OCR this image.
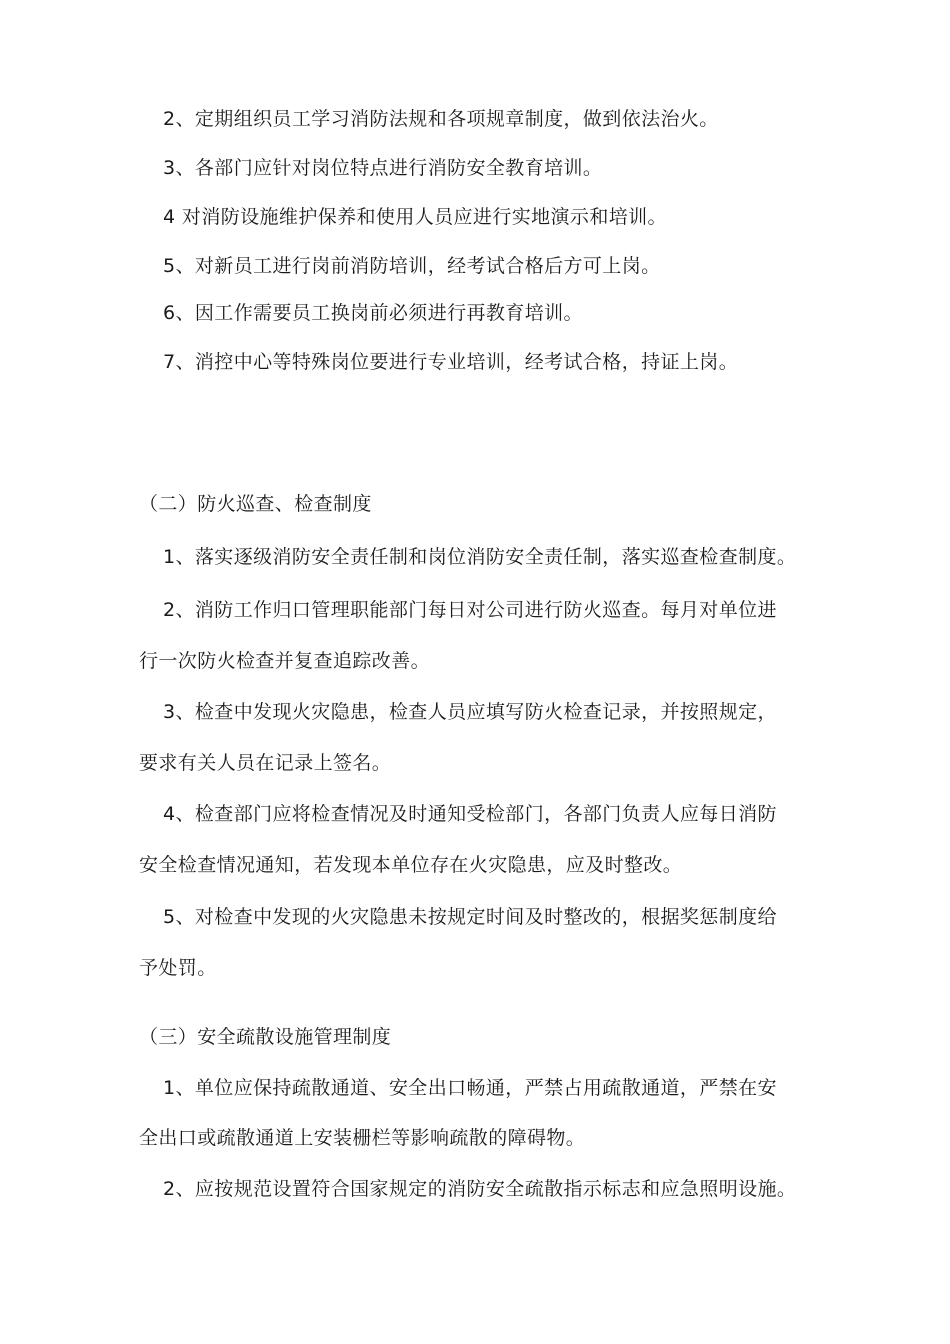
2、定期组织员工学习消防法规和各项规章制度，做到依法治火。
3、各部门应针对岗位特点进行消防安全教育培训。
4 对消防设施维护保养和使用人员应进行实地演示和培训。
5、对新员工进行岗前消防培训，经考试合格后方可上岗。
6、因工作需要员工换岗前必须进行再教育培训。
7、消控中心等特殊岗位要进行专业培训，经考试合格，持证上岗。
（二）防火巡查、检查制度
1、落实逐级消防安全责任制和岗位消防安全责任制，落实巡查检查制度。
2、消防工作归口管理职能部门每日对公司进行防火巡查。每月对单位进
行一次防火检查并复查追踪改善。
3、检查中发现火灾隐患，检查人员应填写防火检查记录，并按照规定，
要求有关人员在记录上签名。
4、检查部门应将检查情况及时通知受检部门，各部门负责人应每日消防
安全检查情况通知，若发现本单位存在火灾隐患，应及时整改。
5、对检查中发现的火灾隐患未按规定时间及时整改的，根据奖惩制度给
予处罚。
（三）安全疏散设施管理制度
1、单位应保持疏散通道、安全出口畅通，严禁占用疏散通道，严禁在安
全出口或疏散通道上安装栅栏等影响疏散的障碍物。
2、应按规范设置符合国家规定的消防安全疏散指示标志和应急照明设施。
